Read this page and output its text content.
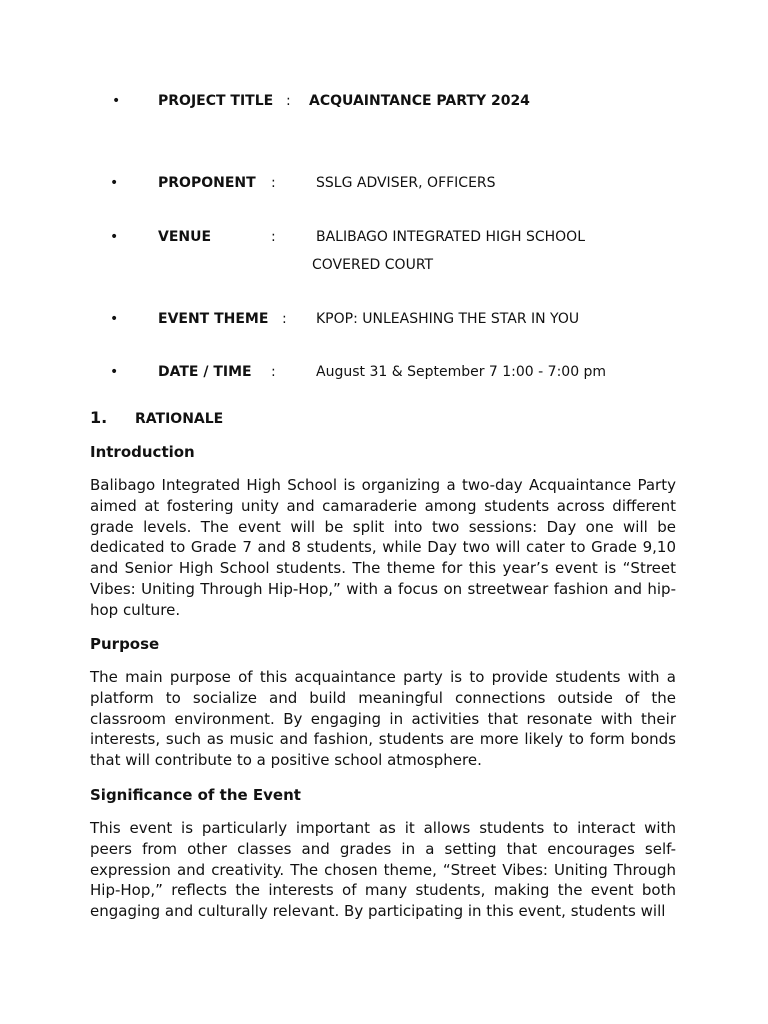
•	PROJECT TITLE : ACQUAINTANCE PARTY 2024
•	PROPONENT :	SSLG ADVISER, OFFICERS
•	VENUE	:	BALIBAGO INTEGRATED HIGH SCHOOL
COVERED COURT
•	EVENT THEME : KPOP: UNLEASHING THE STAR IN YOU
•	DATE / TIME :	August 31 & September 7 1:00 - 7:00 pm
1. RATIONALE
Introduction

Balibago Integrated High School is organizing a two-day Acquaintance Party aimed at fostering unity and camaraderie among students across different grade levels. The event will be split into two sessions: Day one will be dedicated to Grade 7 and 8 students, while Day two will cater to Grade 9,10 and Senior High School students. The theme for this year’s event is “Street Vibes: Uniting Through Hip-Hop,” with a focus on streetwear fashion and hip-hop culture.

Purpose

The main purpose of this acquaintance party is to provide students with a platform to socialize and build meaningful connections outside of the classroom environment. By engaging in activities that resonate with their interests, such as music and fashion, students are more likely to form bonds that will contribute to a positive school atmosphere.

Significance of the Event

This event is particularly important as it allows students to interact with peers from other classes and grades in a setting that encourages self-expression and creativity. The chosen theme, “Street Vibes: Uniting Through Hip-Hop,” reflects the interests of many students, making the event both engaging and culturally relevant. By participating in this event, students will
